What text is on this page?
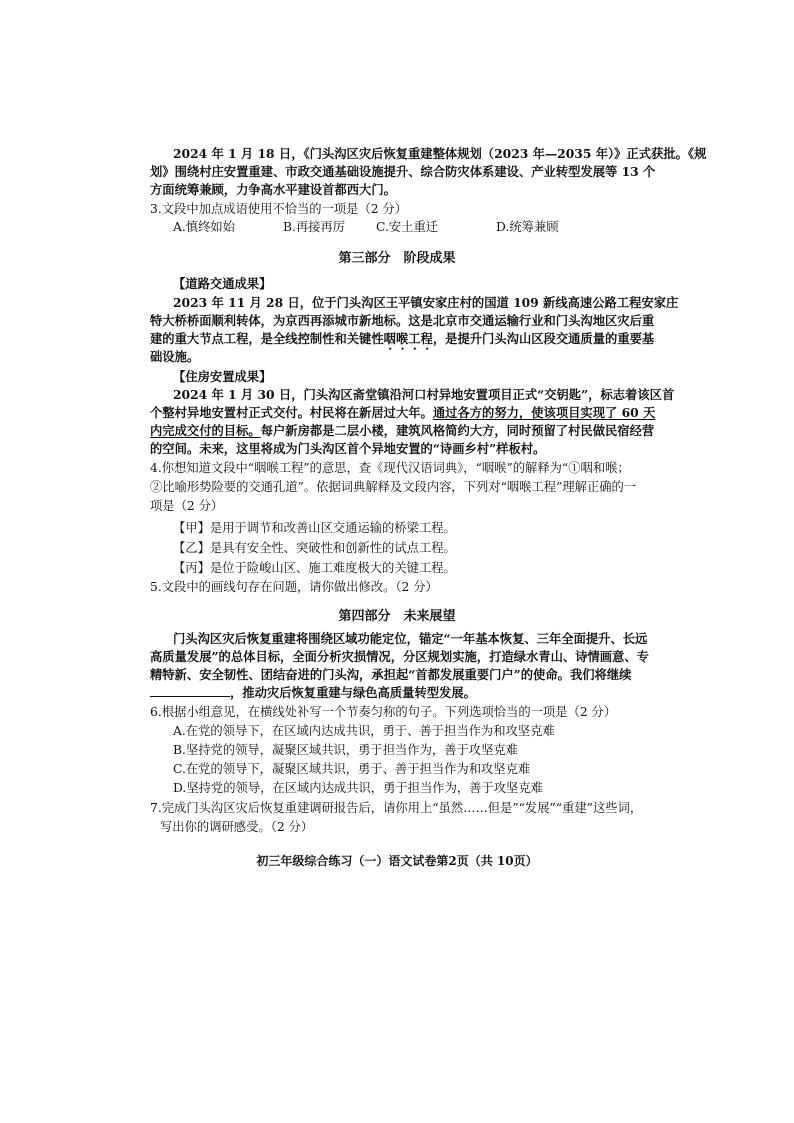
2024 年 1 月 18 日，《门头沟区灾后恢复重建整体规划（2023 年—2035 年）》正式获批。《规
划》围绕村庄安置重建、市政交通基础设施提升、综合防灾体系建设、产业转型发展等 13 个
方面统筹兼顾，力争高水平建设首都西大门。
3.文段中加点成语使用不恰当的一项是（2 分）
A.慎终如始	B.再接再厉	C.安土重迁	D.统筹兼顾
第三部分　阶段成果
【道路交通成果】
2023 年 11 月 28 日，位于门头沟区王平镇安家庄村的国道 109 新线高速公路工程安家庄
特大桥桥面顺利转体，为京西再添城市新地标。这是北京市交通运输行业和门头沟地区灾后重
建的重大节点工程，是全线控制性和关键性咽喉工程，是提升门头沟山区段交通质量的重要基
础设施。
【住房安置成果】
2024 年 1 月 30 日，门头沟区斋堂镇沿河口村异地安置项目正式“交钥匙”，标志着该区首
个整村异地安置村正式交付。村民将在新居过大年。通过各方的努力，使该项目实现了 60 天
内完成交付的目标。每户新房都是二层小楼，建筑风格简约大方，同时预留了村民做民宿经营
的空间。未来，这里将成为门头沟区首个异地安置的“诗画乡村”样板村。
4.你想知道文段中“咽喉工程”的意思，查《现代汉语词典》，“咽喉”的解释为“①咽和喉；
②比喻形势险要的交通孔道”。依据词典解释及文段内容，下列对“咽喉工程”理解正确的一
项是（2 分）
【甲】是用于调节和改善山区交通运输的桥梁工程。
【乙】是具有安全性、突破性和创新性的试点工程。
【丙】是位于险峻山区、施工难度极大的关键工程。
5.文段中的画线句存在问题，请你做出修改。（2 分）
第四部分　未来展望
门头沟区灾后恢复重建将围绕区域功能定位，锚定“一年基本恢复、三年全面提升、长远
高质量发展”的总体目标，全面分析灾损情况，分区规划实施，打造绿水青山、诗情画意、专
精特新、安全韧性、团结奋进的门头沟，承担起“首都发展重要门户”的使命。我们将继续
，推动灾后恢复重建与绿色高质量转型发展。
6.根据小组意见，在横线处补写一个节奏匀称的句子。下列选项恰当的一项是（2 分）
A.在党的领导下，在区域内达成共识，勇于、善于担当作为和攻坚克难
B.坚持党的领导，凝聚区域共识，勇于担当作为，善于攻坚克难
C.在党的领导下，凝聚区域共识，勇于、善于担当作为和攻坚克难
D.坚持党的领导，在区域内达成共识，勇于担当作为，善于攻坚克难
7.完成门头沟区灾后恢复重建调研报告后，请你用上“虽然……但是”“发展”“重建”这些词，
写出你的调研感受。（2 分）
初三年级综合练习（一）语文试卷第2页（共 10页）
